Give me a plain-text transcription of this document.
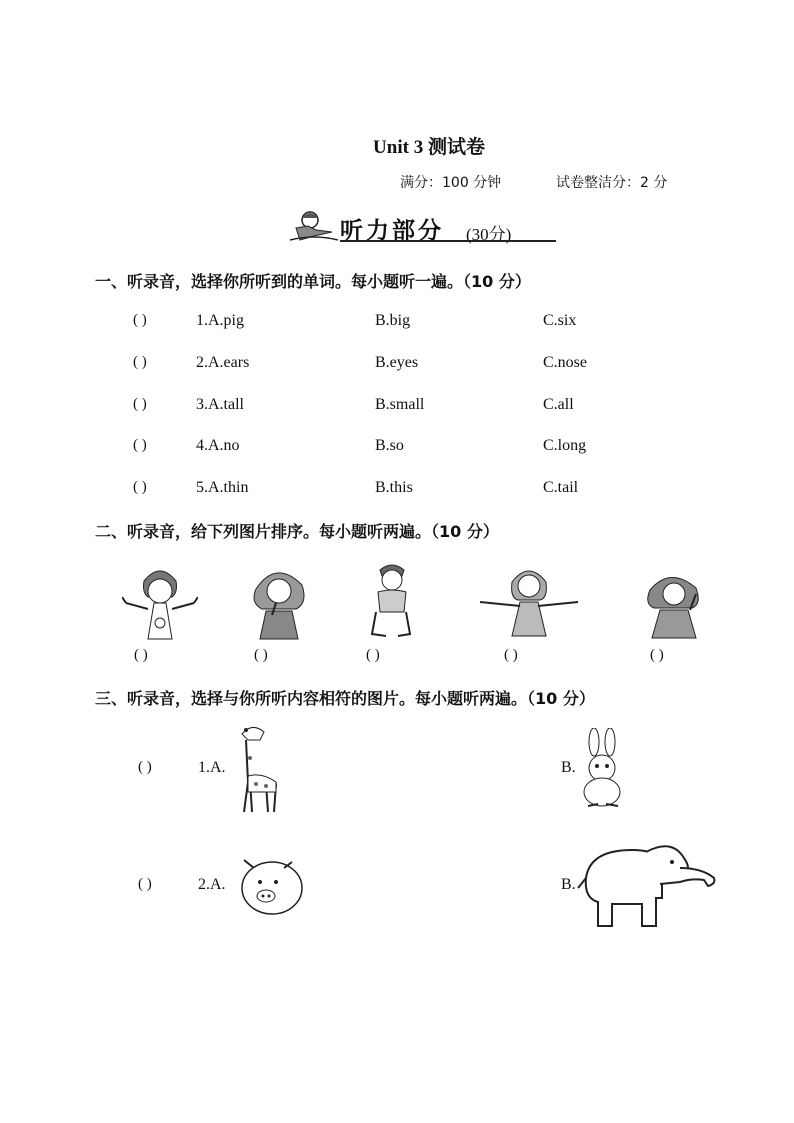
Unit 3 测试卷
满分：100 分钟	试卷整洁分：2 分
听力部分 (30分)
一、听录音，选择你所听到的单词。每小题听一遍。（10 分）
( )	1.A.pig	B.big	C.six
( )	2.A.ears	B.eyes	C.nose
( )	3.A.tall	B.small	C.all
( )	4.A.no	B.so	C.long
( )	5.A.thin	B.this	C.tail
二、听录音，给下列图片排序。每小题听两遍。（10 分）
( )	( )	( )	( )	( )
三、听录音，选择与你所听内容相符的图片。每小题听两遍。（10 分）
( )	1.A.	B.
( )	2.A.	B.
